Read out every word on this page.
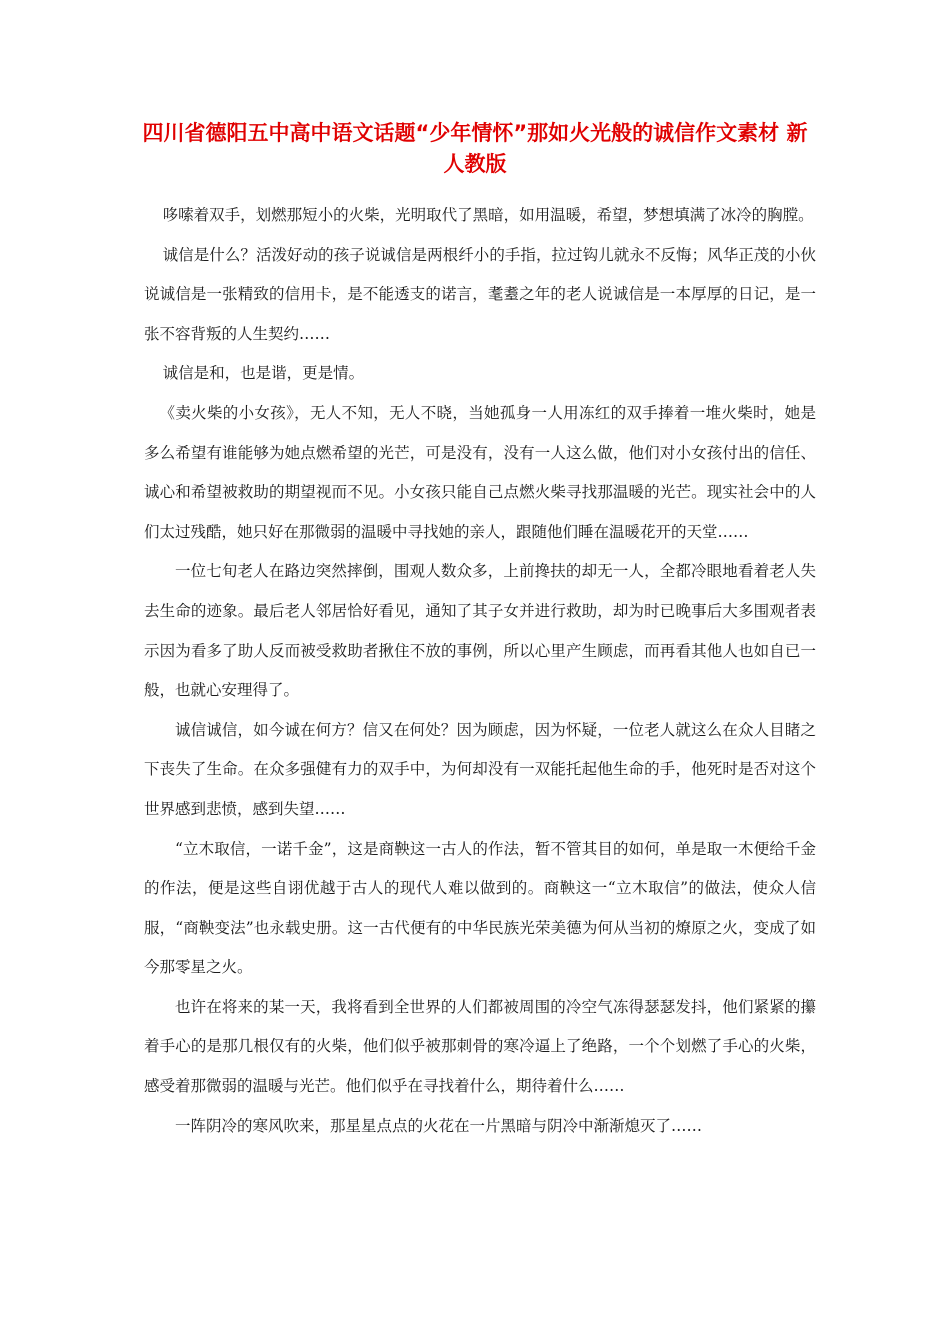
四川省德阳五中高中语文话题“少年情怀”那如火光般的诚信作文素材 新人教版

哆嗦着双手，划燃那短小的火柴，光明取代了黑暗，如用温暖，希望，梦想填满了冰冷的胸膛。

诚信是什么？活泼好动的孩子说诚信是两根纤小的手指，拉过钩儿就永不反悔；风华正茂的小伙说诚信是一张精致的信用卡，是不能透支的诺言，耄耋之年的老人说诚信是一本厚厚的日记，是一张不容背叛的人生契约……

诚信是和，也是谐，更是情。

《卖火柴的小女孩》，无人不知，无人不晓，当她孤身一人用冻红的双手捧着一堆火柴时，她是多么希望有谁能够为她点燃希望的光芒，可是没有，没有一人这么做，他们对小女孩付出的信任、诚心和希望被救助的期望视而不见。小女孩只能自己点燃火柴寻找那温暖的光芒。现实社会中的人们太过残酷，她只好在那微弱的温暖中寻找她的亲人，跟随他们睡在温暖花开的天堂……

一位七旬老人在路边突然摔倒，围观人数众多，上前搀扶的却无一人，全都冷眼地看着老人失去生命的迹象。最后老人邻居恰好看见，通知了其子女并进行救助，却为时已晚事后大多围观者表示因为看多了助人反而被受救助者揪住不放的事例，所以心里产生顾虑，而再看其他人也如自已一般，也就心安理得了。

诚信诚信，如今诚在何方？信又在何处？因为顾虑，因为怀疑，一位老人就这么在众人目睹之下丧失了生命。在众多强健有力的双手中，为何却没有一双能托起他生命的手，他死时是否对这个世界感到悲愤，感到失望……

“立木取信，一诺千金”，这是商鞅这一古人的作法，暂不管其目的如何，单是取一木便给千金的作法，便是这些自诩优越于古人的现代人难以做到的。商鞅这一“立木取信”的做法，使众人信服，“商鞅变法”也永载史册。这一古代便有的中华民族光荣美德为何从当初的燎原之火，变成了如今那零星之火。

也许在将来的某一天，我将看到全世界的人们都被周围的冷空气冻得瑟瑟发抖，他们紧紧的攥着手心的是那几根仅有的火柴，他们似乎被那刺骨的寒冷逼上了绝路，一个个划燃了手心的火柴，感受着那微弱的温暖与光芒。他们似乎在寻找着什么，期待着什么……

一阵阴冷的寒风吹来，那星星点点的火花在一片黑暗与阴冷中渐渐熄灭了……
